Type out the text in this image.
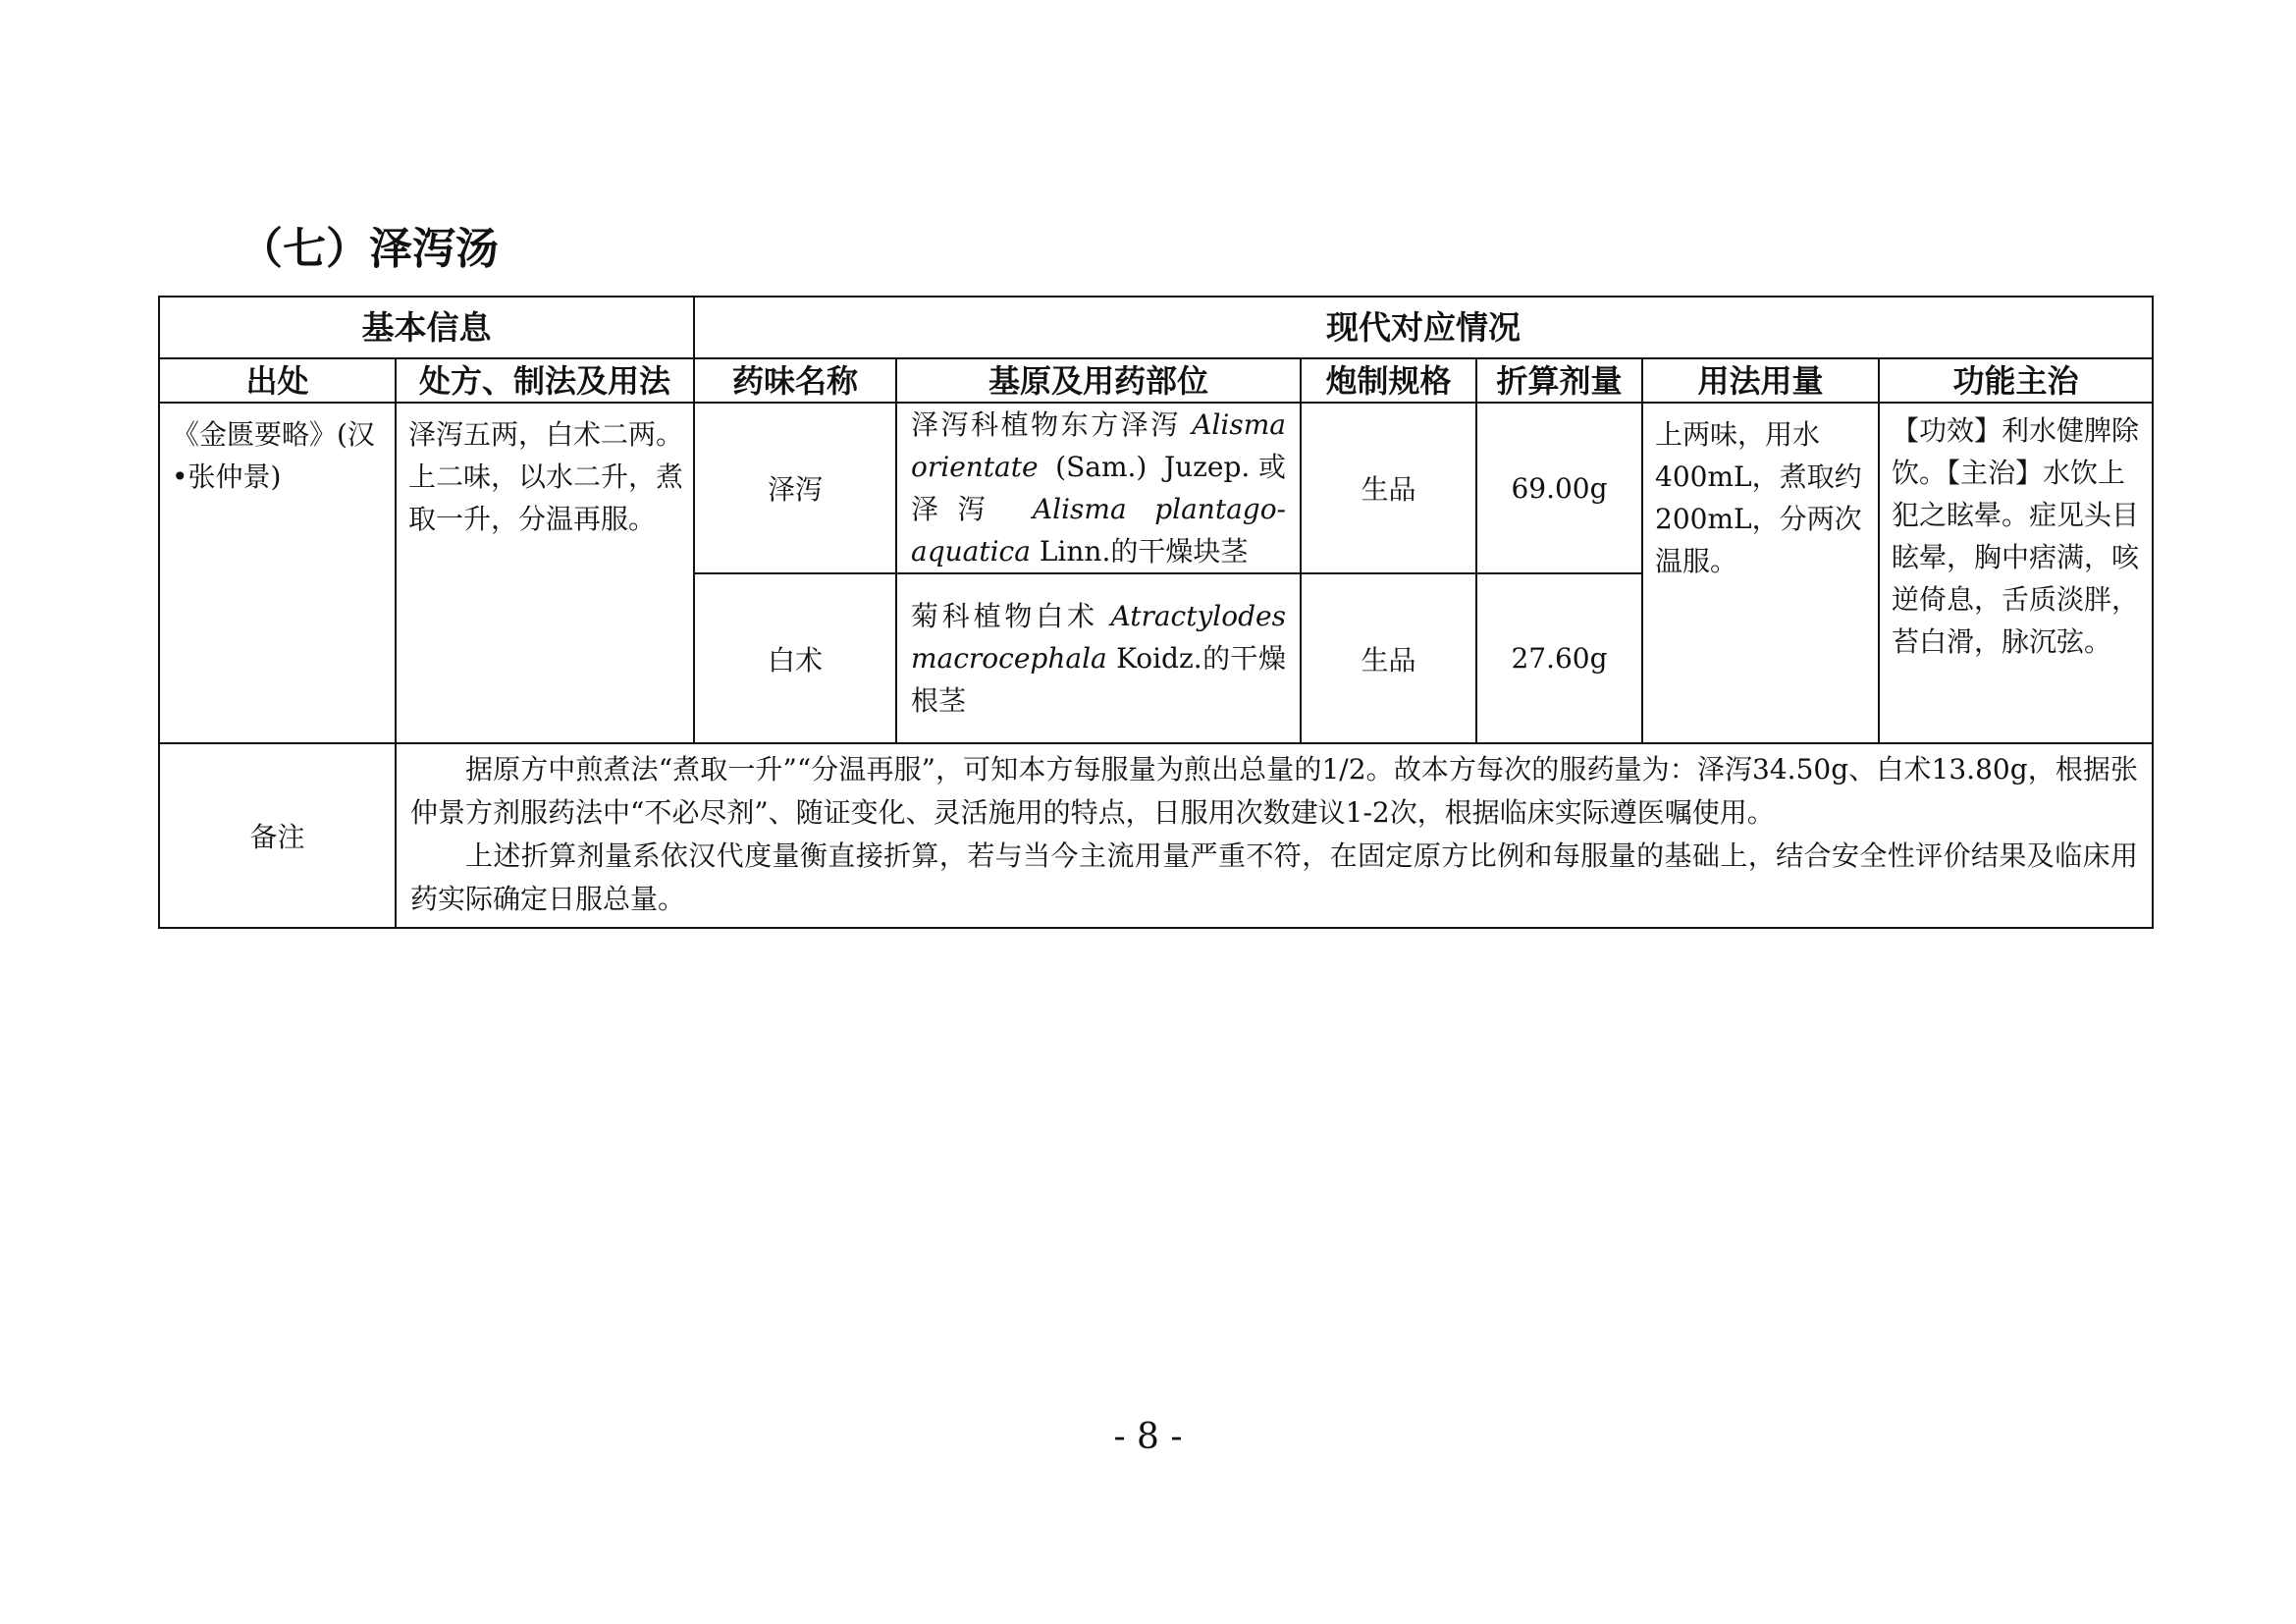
（七）泽泻汤
基本信息		现代对应情况					
出处	处方、制法及用法	药味名称	基原及用药部位	炮制规格	折算剂量	用法用量	功能主治
《金匮要略》(汉•张仲景)	泽泻五两，白术二两。上二味，以水二升，煮取一升，分温再服。	泽泻	泽泻科植物东方泽泻 Alisma orientate (Sam.) Juzep.或泽泻 Alisma plantago-aquatica Linn.的干燥块茎	生品	69.00g	上两味，用水400mL，煮取约200mL，分两次温服。	【功效】利水健脾除饮。【主治】水饮上犯之眩晕。症见头目眩晕，胸中痞满，咳逆倚息，舌质淡胖，苔白滑，脉沉弦。
		白术	菊科植物白术 Atractylodes macrocephala Koidz.的干燥根茎	生品	27.60g		
备注	据原方中煎煮法“煮取一升”“分温再服”，可知本方每服量为煎出总量的1/2。故本方每次的服药量为：泽泻34.50g、白术13.80g，根据张仲景方剂服药法中“不必尽剂”、随证变化、灵活施用的特点，日服用次数建议1-2次，根据临床实际遵医嘱使用。

上述折算剂量系依汉代度量衡直接折算，若与当今主流用量严重不符，在固定原方比例和每服量的基础上，结合安全性评价结果及临床用药实际确定日服总量。						

- 8 -
